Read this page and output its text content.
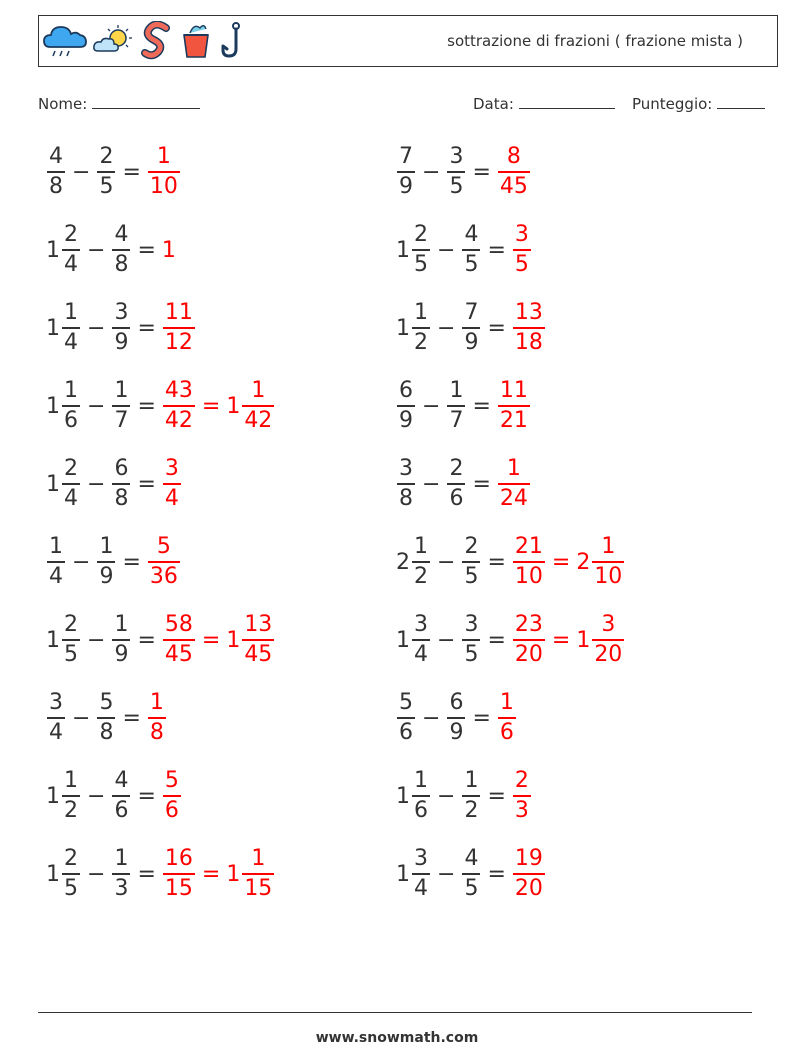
sottrazione di frazioni ( frazione mista )
Nome:	Data:	Punteggio:
$\frac{4}{8} - \frac{2}{5} = \frac{1}{10}$	$\frac{7}{9} - \frac{3}{5} = \frac{8}{45}$
$1 \frac{2}{4} - \frac{4}{8} = 1$	$1 \frac{2}{5} - \frac{4}{5} = \frac{3}{5}$
$1 \frac{1}{4} - \frac{3}{9} = \frac{11}{12}$	$1 \frac{1}{2} - \frac{7}{9} = \frac{13}{18}$
$1 \frac{1}{6} - \frac{1}{7} = \frac{43}{42} = 1 \frac{1}{42}$	$\frac{6}{9} - \frac{1}{7} = \frac{11}{21}$
$1 \frac{2}{4} - \frac{6}{8} = \frac{3}{4}$	$\frac{3}{8} - \frac{2}{6} = \frac{1}{24}$
$\frac{1}{4} - \frac{1}{9} = \frac{5}{36}$	$2 \frac{1}{2} - \frac{2}{5} = \frac{21}{10} = 2 \frac{1}{10}$
$1 \frac{2}{5} - \frac{1}{9} = \frac{58}{45} = 1 \frac{13}{45}$	$1 \frac{3}{4} - \frac{3}{5} = \frac{23}{20} = 1 \frac{3}{20}$
$\frac{3}{4} - \frac{5}{8} = \frac{1}{8}$	$\frac{5}{6} - \frac{6}{9} = \frac{1}{6}$
$1 \frac{1}{2} - \frac{4}{6} = \frac{5}{6}$	$1 \frac{1}{6} - \frac{1}{2} = \frac{2}{3}$
$1 \frac{2}{5} - \frac{1}{3} = \frac{16}{15} = 1 \frac{1}{15}$	$1 \frac{3}{4} - \frac{4}{5} = \frac{19}{20}$
www.snowmath.com
